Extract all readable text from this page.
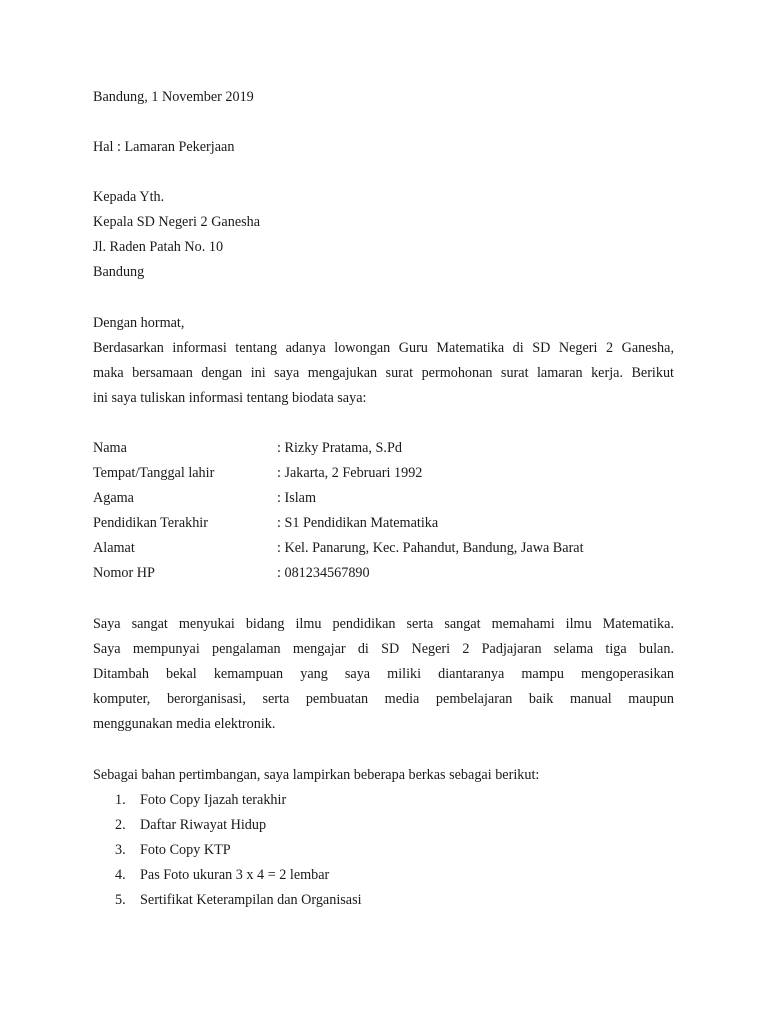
Bandung, 1 November 2019
Hal : Lamaran Pekerjaan
Kepada Yth.
Kepala SD Negeri 2 Ganesha
Jl. Raden Patah No. 10
Bandung
Dengan hormat,
Berdasarkan informasi tentang adanya lowongan Guru Matematika di SD Negeri 2 Ganesha,
maka bersamaan dengan ini saya mengajukan surat permohonan surat lamaran kerja. Berikut
ini saya tuliskan informasi tentang biodata saya:
Nama	: Rizky Pratama, S.Pd
Tempat/Tanggal lahir	: Jakarta, 2 Februari 1992
Agama	: Islam
Pendidikan Terakhir	: S1 Pendidikan Matematika
Alamat	: Kel. Panarung, Kec. Pahandut, Bandung, Jawa Barat
Nomor HP	: 081234567890
Saya sangat menyukai bidang ilmu pendidikan serta sangat memahami ilmu Matematika.
Saya mempunyai pengalaman mengajar di SD Negeri 2 Padjajaran selama tiga bulan.
Ditambah bekal kemampuan yang saya miliki diantaranya mampu mengoperasikan
komputer, berorganisasi, serta pembuatan media pembelajaran baik manual maupun
menggunakan media elektronik.
Sebagai bahan pertimbangan, saya lampirkan beberapa berkas sebagai berikut:
1.	Foto Copy Ijazah terakhir
2.	Daftar Riwayat Hidup
3.	Foto Copy KTP
4.	Pas Foto ukuran 3 x 4 = 2 lembar
5.	Sertifikat Keterampilan dan Organisasi
